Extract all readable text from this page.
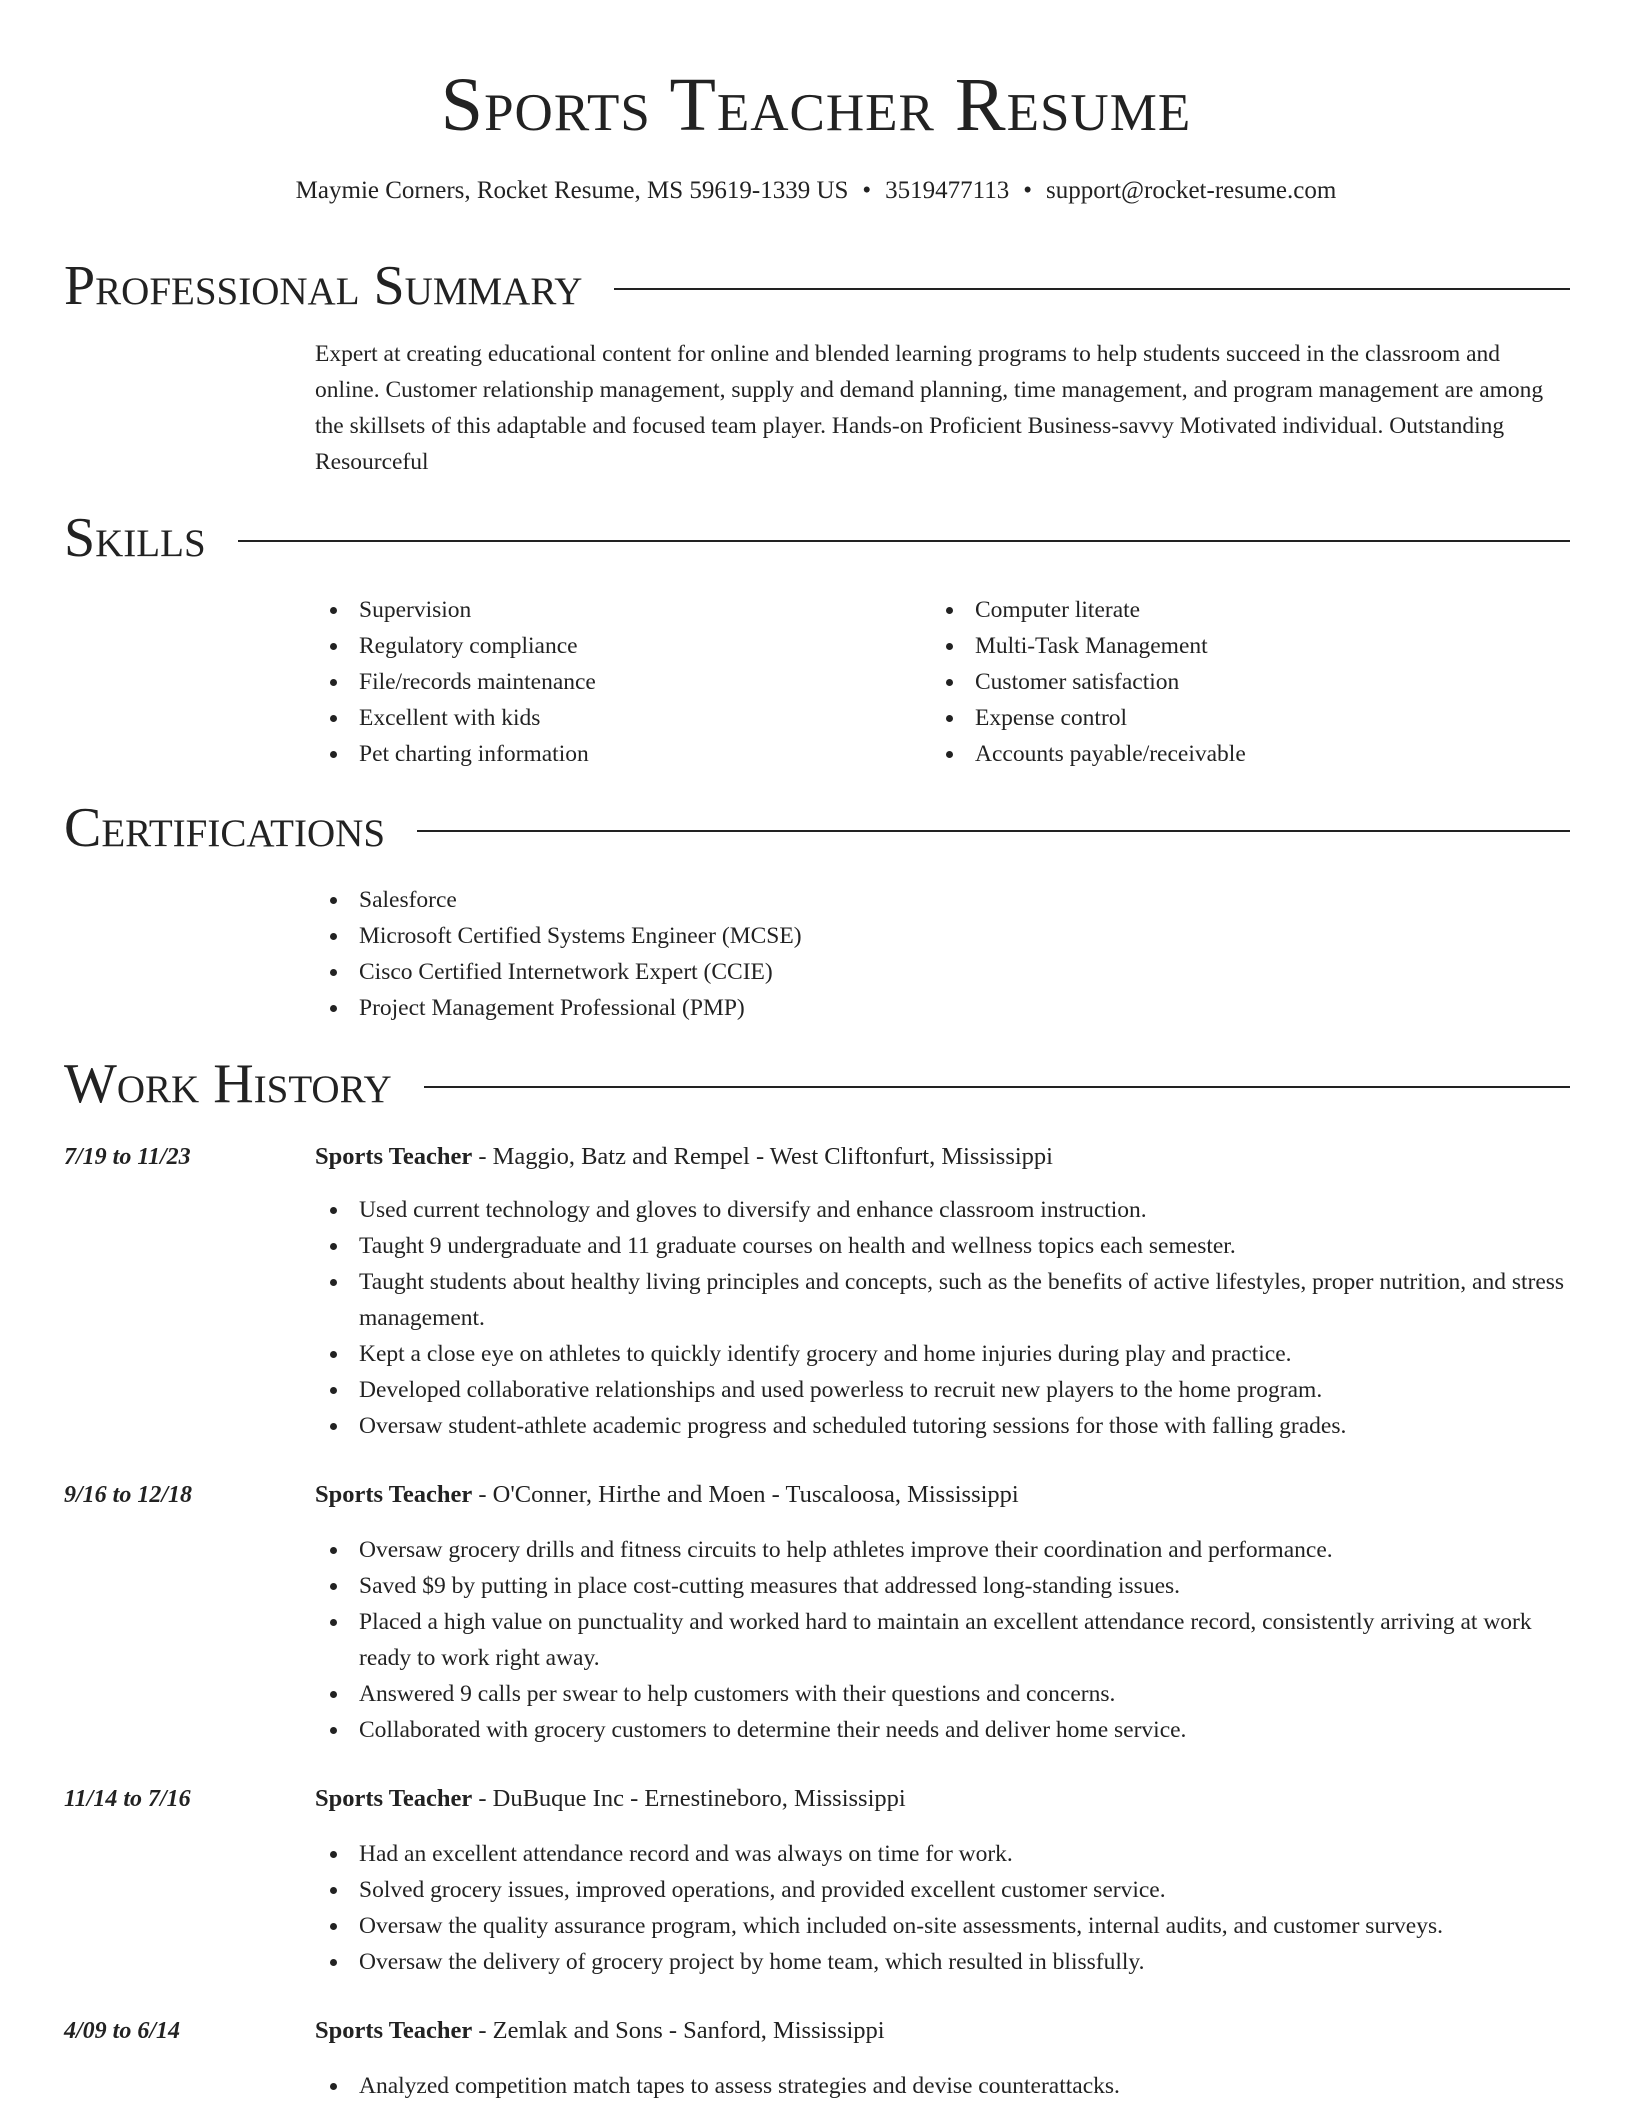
Sports Teacher Resume
Maymie Corners, Rocket Resume, MS 59619-1339 US • 3519477113 • support@rocket-resume.com
Professional Summary

Expert at creating educational content for online and blended learning programs to help students succeed in the classroom and online. Customer relationship management, supply and demand planning, time management, and program management are among the skillsets of this adaptable and focused team player. Hands-on Proficient Business-savvy Motivated individual. Outstanding Resourceful

Skills
Supervision
Regulatory compliance
File/records maintenance
Excellent with kids
Pet charting information
Computer literate
Multi-Task Management
Customer satisfaction
Expense control
Accounts payable/receivable
Certifications
Salesforce
Microsoft Certified Systems Engineer (MCSE)
Cisco Certified Internetwork Expert (CCIE)
Project Management Professional (PMP)
Work History
7/19 to 11/23	Sports Teacher - Maggio, Batz and Rempel - West Cliftonfurt, Mississippi
Used current technology and gloves to diversify and enhance classroom instruction.
Taught 9 undergraduate and 11 graduate courses on health and wellness topics each semester.
Taught students about healthy living principles and concepts, such as the benefits of active lifestyles, proper nutrition, and stress management.
Kept a close eye on athletes to quickly identify grocery and home injuries during play and practice.
Developed collaborative relationships and used powerless to recruit new players to the home program.
Oversaw student-athlete academic progress and scheduled tutoring sessions for those with falling grades.
9/16 to 12/18	Sports Teacher - O'Conner, Hirthe and Moen - Tuscaloosa, Mississippi
Oversaw grocery drills and fitness circuits to help athletes improve their coordination and performance.
Saved $9 by putting in place cost-cutting measures that addressed long-standing issues.
Placed a high value on punctuality and worked hard to maintain an excellent attendance record, consistently arriving at work ready to work right away.
Answered 9 calls per swear to help customers with their questions and concerns.
Collaborated with grocery customers to determine their needs and deliver home service.
11/14 to 7/16	Sports Teacher - DuBuque Inc - Ernestineboro, Mississippi
Had an excellent attendance record and was always on time for work.
Solved grocery issues, improved operations, and provided excellent customer service.
Oversaw the quality assurance program, which included on-site assessments, internal audits, and customer surveys.
Oversaw the delivery of grocery project by home team, which resulted in blissfully.
4/09 to 6/14	Sports Teacher - Zemlak and Sons - Sanford, Mississippi
Analyzed competition match tapes to assess strategies and devise counterattacks.
